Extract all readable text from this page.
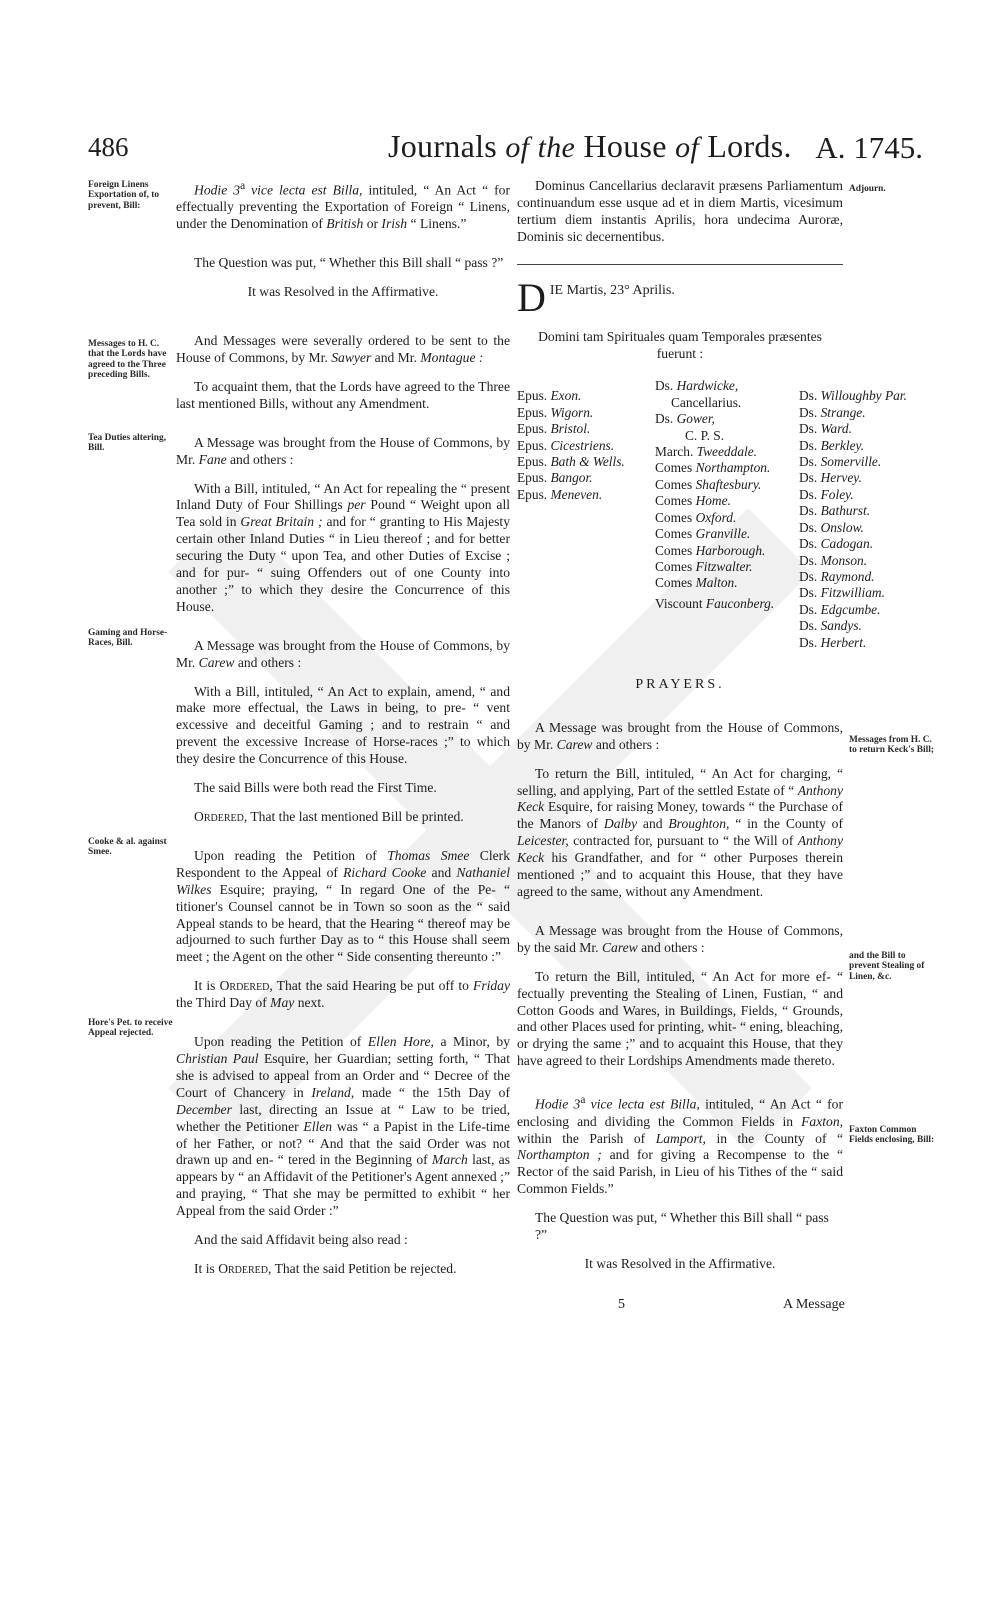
486	Journals of the House of Lords. A. 1745.
Foreign Linens Exportation of, to prevent, Bill:
Messages to H. C. that the Lords have agreed to the Three preceding Bills.
Tea Duties altering, Bill.
Gaming and Horse-Races, Bill.
Cooke & al. against Smee.
Hore's Pet. to receive Appeal rejected.
Adjourn.
Messages from H. C. to return Keck's Bill;
and the Bill to prevent Stealing of Linen, &c.
Faxton Common Fields enclosing, Bill:

Hodie 3$^a$ vice lecta est Billa, intituled, “ An Act “ for effectually preventing the Exportation of Foreign “ Linens, under the Denomination of British or Irish “ Linens.”

The Question was put, “ Whether this Bill shall “ pass ?”

It was Resolved in the Affirmative.

And Messages were severally ordered to be sent to the House of Commons, by Mr. Sawyer and Mr. Montague :

To acquaint them, that the Lords have agreed to the Three last mentioned Bills, without any Amendment.

A Message was brought from the House of Commons, by Mr. Fane and others :

With a Bill, intituled, “ An Act for repealing the “ present Inland Duty of Four Shillings per Pound “ Weight upon all Tea sold in Great Britain ; and for “ granting to His Majesty certain other Inland Duties “ in Lieu thereof ; and for better securing the Duty “ upon Tea, and other Duties of Excise ; and for pur- “ suing Offenders out of one County into another ;” to which they desire the Concurrence of this House.

A Message was brought from the House of Commons, by Mr. Carew and others :

With a Bill, intituled, “ An Act to explain, amend, “ and make more effectual, the Laws in being, to pre- “ vent excessive and deceitful Gaming ; and to restrain “ and prevent the excessive Increase of Horse-races ;” to which they desire the Concurrence of this House.

The said Bills were both read the First Time.

Ordered, That the last mentioned Bill be printed.

Upon reading the Petition of Thomas Smee Clerk Respondent to the Appeal of Richard Cooke and Nathaniel Wilkes Esquire; praying, “ In regard One of the Pe- “ titioner's Counsel cannot be in Town so soon as the “ said Appeal stands to be heard, that the Hearing “ thereof may be adjourned to such further Day as to “ this House shall seem meet ; the Agent on the other “ Side consenting thereunto :”

It is Ordered, That the said Hearing be put off to Friday the Third Day of May next.

Upon reading the Petition of Ellen Hore, a Minor, by Christian Paul Esquire, her Guardian; setting forth, “ That she is advised to appeal from an Order and “ Decree of the Court of Chancery in Ireland, made “ the 15th Day of December last, directing an Issue at “ Law to be tried, whether the Petitioner Ellen was “ a Papist in the Life-time of her Father, or not? “ And that the said Order was not drawn up and en- “ tered in the Beginning of March last, as appears by “ an Affidavit of the Petitioner's Agent annexed ;” and praying, “ That she may be permitted to exhibit “ her Appeal from the said Order :”

And the said Affidavit being also read :

It is Ordered, That the said Petition be rejected.

Dominus Cancellarius declaravit præsens Parliamentum continuandum esse usque ad et in diem Martis, vicesimum tertium diem instantis Aprilis, hora undecima Auroræ, Dominis sic decernentibus.

D IE Martis, 23° Aprilis.

Domini tam Spirituales quam Temporales præsentes fuerunt :

Epus. Exon.
Epus. Wigorn.
Epus. Bristol.
Epus. Cicestriens.
Epus. Bath & Wells.
Epus. Bangor.
Epus. Meneven.
Ds. Hardwicke,
Cancellarius.
Ds. Gower,
C. P. S.
March. Tweeddale.
Comes Northampton.
Comes Shaftesbury.
Comes Home.
Comes Oxford.
Comes Granville.
Comes Harborough.
Comes Fitzwalter.
Comes Malton.
Viscount Fauconberg.
Ds. Willoughby Par.
Ds. Strange.
Ds. Ward.
Ds. Berkley.
Ds. Somerville.
Ds. Hervey.
Ds. Foley.
Ds. Bathurst.
Ds. Onslow.
Ds. Cadogan.
Ds. Monson.
Ds. Raymond.
Ds. Fitzwilliam.
Ds. Edgcumbe.
Ds. Sandys.
Ds. Herbert.
PRAYERS.

A Message was brought from the House of Commons, by Mr. Carew and others :

To return the Bill, intituled, “ An Act for charging, “ selling, and applying, Part of the settled Estate of “ Anthony Keck Esquire, for raising Money, towards “ the Purchase of the Manors of Dalby and Broughton, “ in the County of Leicester, contracted for, pursuant to “ the Will of Anthony Keck his Grandfather, and for “ other Purposes therein mentioned ;” and to acquaint this House, that they have agreed to the same, without any Amendment.

A Message was brought from the House of Commons, by the said Mr. Carew and others :

To return the Bill, intituled, “ An Act for more ef- “ fectually preventing the Stealing of Linen, Fustian, “ and Cotton Goods and Wares, in Buildings, Fields, “ Grounds, and other Places used for printing, whit- “ ening, bleaching, or drying the same ;” and to acquaint this House, that they have agreed to their Lordships Amendments made thereto.

Hodie 3$^a$ vice lecta est Billa, intituled, “ An Act “ for enclosing and dividing the Common Fields in Faxton, within the Parish of Lamport, in the County of “ Northampton ; and for giving a Recompense to the “ Rector of the said Parish, in Lieu of his Tithes of the “ said Common Fields.”

The Question was put, “ Whether this Bill shall “ pass ?”

It was Resolved in the Affirmative.

5	A Message
